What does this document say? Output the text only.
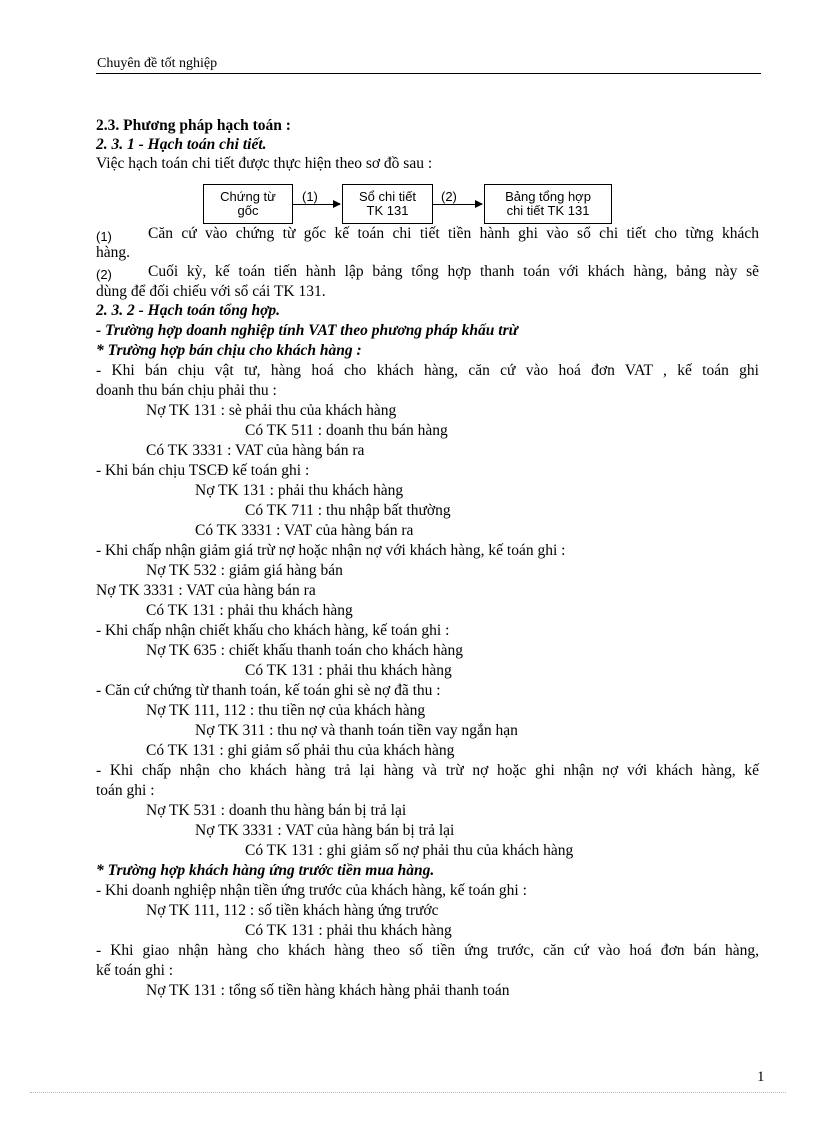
Chuyên đề tốt nghiệp
2.3. Phương pháp hạch toán :
2. 3. 1 - Hạch toán chi tiết.
Việc hạch toán chi tiết được thực hiện theo sơ đồ sau :
Chứng từ
gốc
(1)	Sổ chi tiết
TK 131
(2)	Bảng tổng hợp
chi tiết TK 131
(1) Căn cứ vào chứng từ gốc kế toán chi tiết tiền hành ghi vào sổ chi tiết cho từng khách
hàng.
(2) Cuối kỳ, kế toán tiến hành lập bảng tổng hợp thanh toán với khách hàng, bảng này sẽ
dùng để đối chiếu với sổ cái TK 131.
2. 3. 2 - Hạch toán tổng hợp.
- Trường hợp doanh nghiệp tính VAT theo phương pháp khấu trừ
* Trường hợp bán chịu cho khách hàng :
- Khi bán chịu vật tư, hàng hoá cho khách hàng, căn cứ vào hoá đơn VAT , kế toán ghi
doanh thu bán chịu phải thu :
Nợ TK 131 : sè phải thu của khách hàng
Có TK 511 : doanh thu bán hàng
Có TK 3331 : VAT của hàng bán ra
- Khi bán chịu TSCĐ kế toán ghi :
Nợ TK 131 : phải thu khách hàng
Có TK 711 : thu nhập bất thường
Có TK 3331 : VAT của hàng bán ra
- Khi chấp nhận giảm giá trừ nợ hoặc nhận nợ với khách hàng, kế toán ghi :
Nợ TK 532 : giảm giá hàng bán
Nợ TK 3331 : VAT của hàng bán ra
Có TK 131 : phải thu khách hàng
- Khi chấp nhận chiết khấu cho khách hàng, kế toán ghi :
Nợ TK 635 : chiết khấu thanh toán cho khách hàng
Có TK 131 : phải thu khách hàng
- Căn cứ chứng từ thanh toán, kế toán ghi sè nợ đã thu :
Nợ TK 111, 112 : thu tiền nợ của khách hàng
Nợ TK 311 : thu nợ và thanh toán tiền vay ngắn hạn
Có TK 131 : ghi giảm số phải thu của khách hàng
- Khi chấp nhận cho khách hàng trả lại hàng và trừ nợ hoặc ghi nhận nợ với khách hàng, kế
toán ghi :
Nợ TK 531 : doanh thu hàng bán bị trả lại
Nợ TK 3331 : VAT của hàng bán bị trả lại
Có TK 131 : ghi giảm số nợ phải thu của khách hàng
* Trường hợp khách hàng ứng trước tiền mua hàng.
- Khi doanh nghiệp nhận tiền ứng trước của khách hàng, kế toán ghi :
Nợ TK 111, 112 : số tiền khách hàng ứng trước
Có TK 131 : phải thu khách hàng
- Khi giao nhận hàng cho khách hàng theo số tiền ứng trước, căn cứ vào hoá đơn bán hàng,
kế toán ghi :
Nợ TK 131 : tổng số tiền hàng khách hàng phải thanh toán
1
